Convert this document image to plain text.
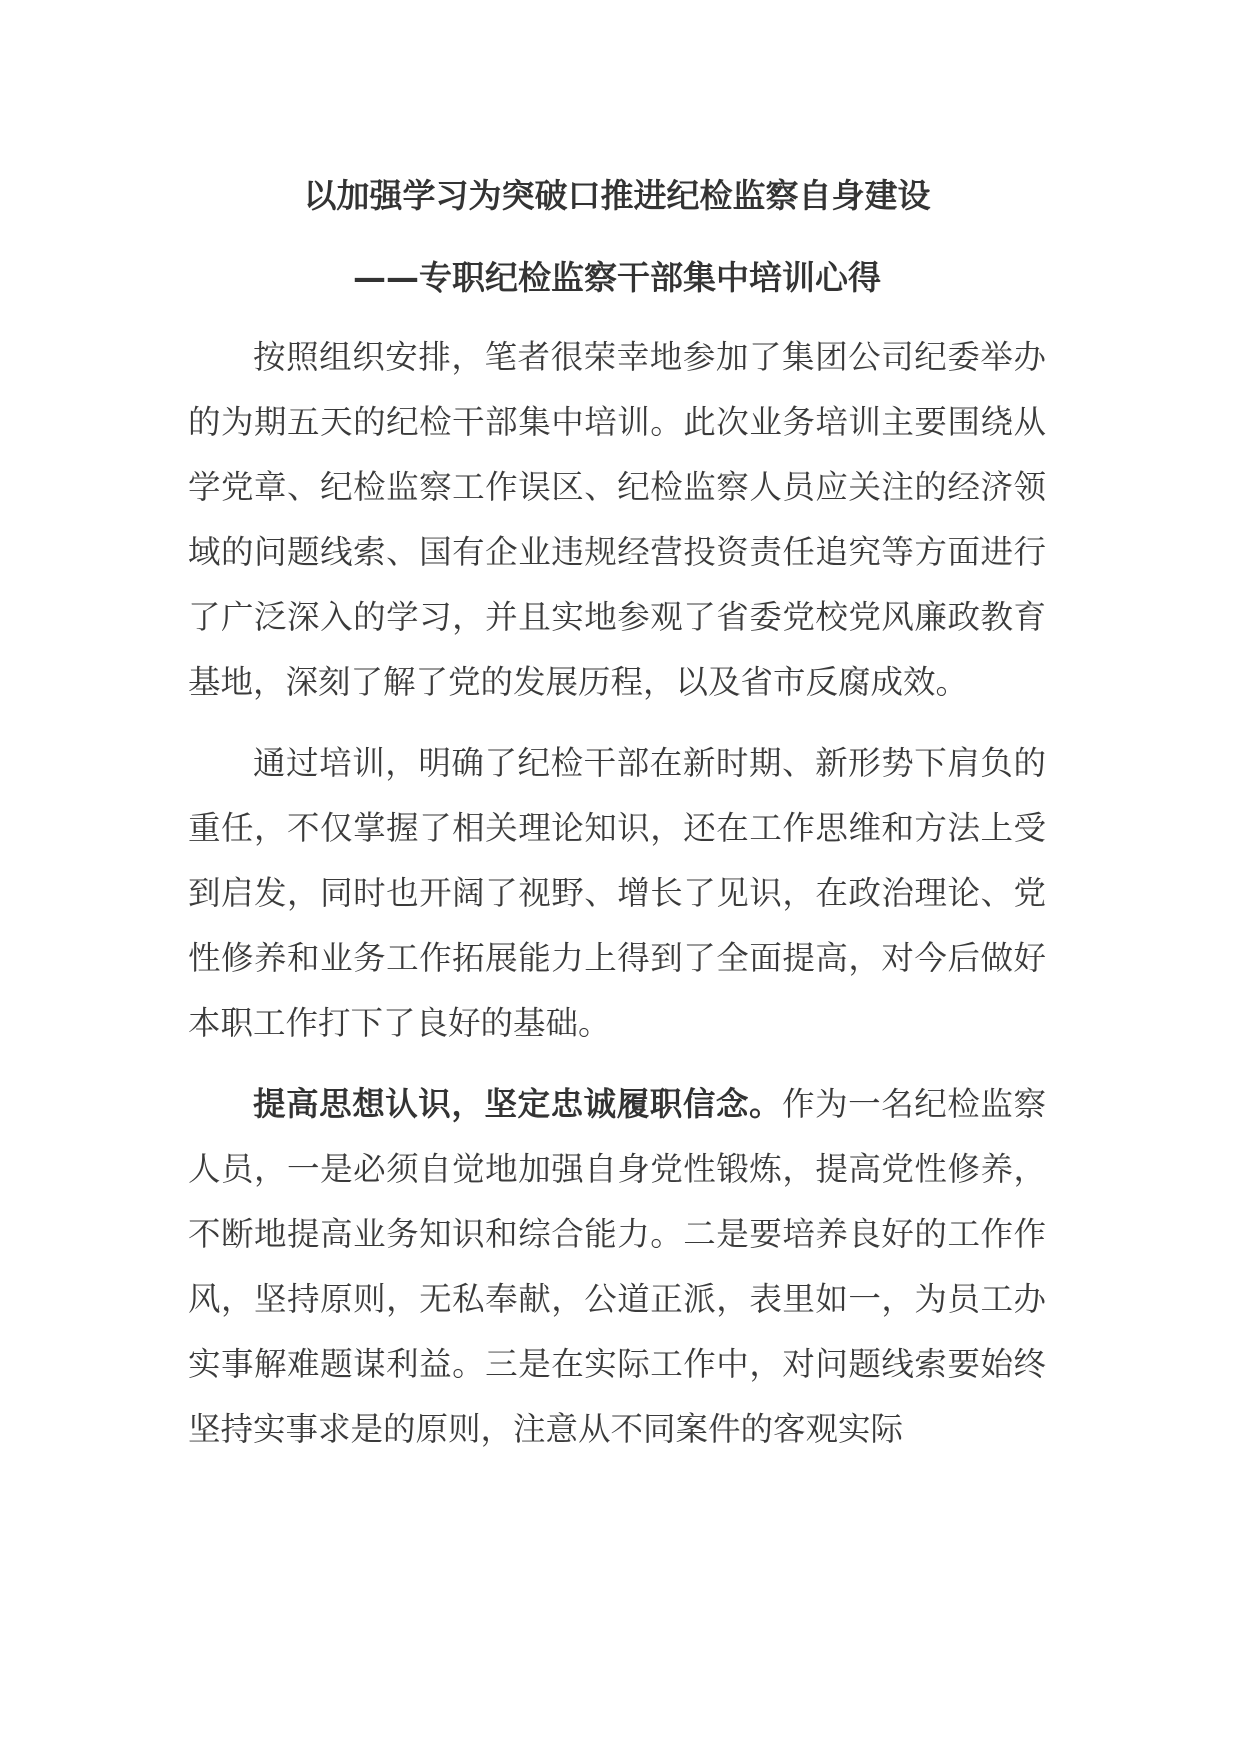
以加强学习为突破口推进纪检监察自身建设
——专职纪检监察干部集中培训心得

按照组织安排，笔者很荣幸地参加了集团公司纪委举办的为期五天的纪检干部集中培训。此次业务培训主要围绕从学党章、纪检监察工作误区、纪检监察人员应关注的经济领域的问题线索、国有企业违规经营投资责任追究等方面进行了广泛深入的学习，并且实地参观了省委党校党风廉政教育基地，深刻了解了党的发展历程，以及省市反腐成效。

通过培训，明确了纪检干部在新时期、新形势下肩负的重任，不仅掌握了相关理论知识，还在工作思维和方法上受到启发，同时也开阔了视野、增长了见识，在政治理论、党性修养和业务工作拓展能力上得到了全面提高，对今后做好本职工作打下了良好的基础。

提高思想认识，坚定忠诚履职信念。作为一名纪检监察人员，一是必须自觉地加强自身党性锻炼，提高党性修养，不断地提高业务知识和综合能力。二是要培养良好的工作作风，坚持原则，无私奉献，公道正派，表里如一，为员工办实事解难题谋利益。三是在实际工作中，对问题线索要始终坚持实事求是的原则，注意从不同案件的客观实际
